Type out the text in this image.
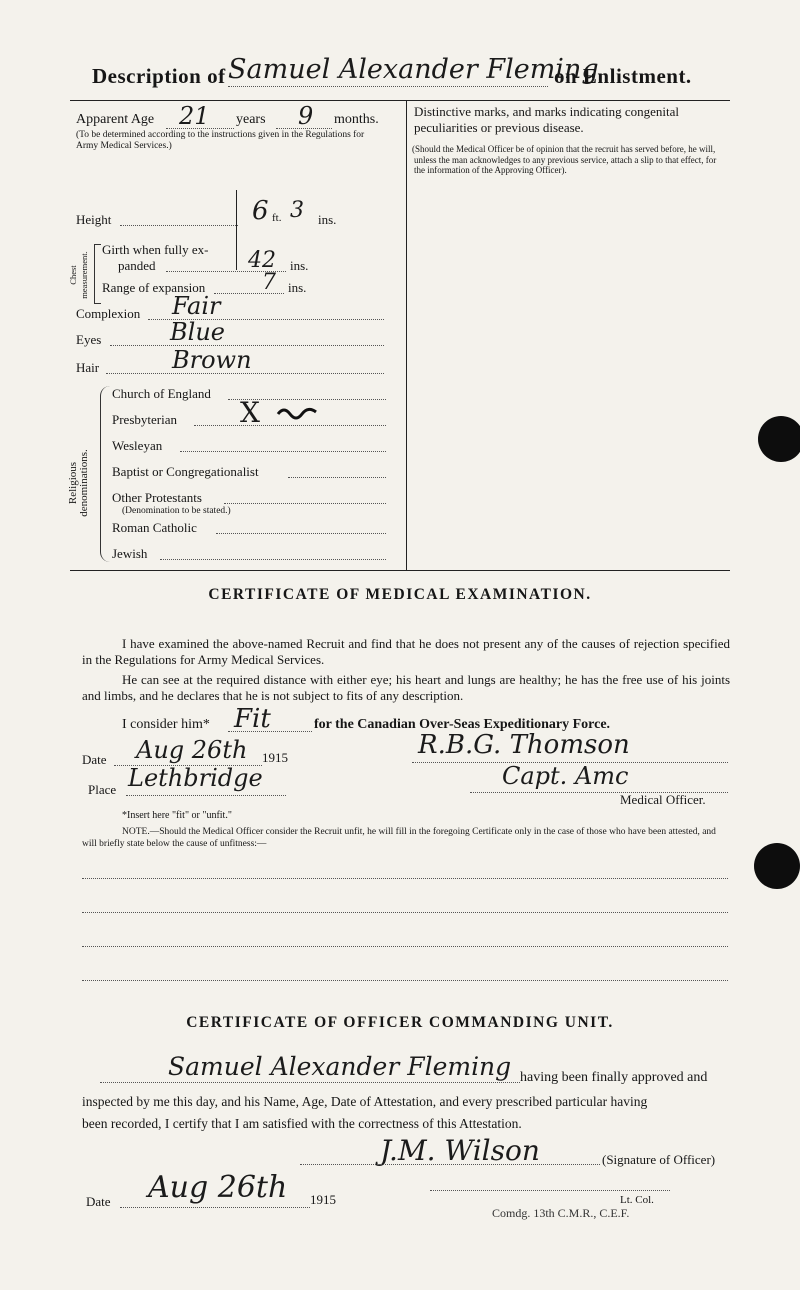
Description of Samuel Alexander Fleming
on Enlistment.
Apparent Age 21 years 9 months.
(To be determined according to the instructions given in the Regulations for Army Medical Services.)
Height	6 ft. 3 ins.
Chest measurement.
Girth when fully ex-
panded	42 ins.
Range of expansion	7 ins.
Complexion Fair
Eyes	Blue
Hair	Brown
Religious denominations.
Church of England
Presbyterian X
Wesleyan
Baptist or Congregationalist
Other Protestants
(Denomination to be stated.)
Roman Catholic
Jewish
Distinctive marks, and marks indicating congenital peculiarities or previous disease.
(Should the Medical Officer be of opinion that the recruit has served before, he will, unless the man acknowledges to any previous service, attach a slip to that effect, for the information of the Approving Officer).
CERTIFICATE OF MEDICAL EXAMINATION.
I have examined the above-named Recruit and find that he does not present any of the causes of rejection specified in the Regulations for Army Medical Services.
He can see at the required distance with either eye; his heart and lungs are healthy; he has the free use of his joints and limbs, and he declares that he is not subject to fits of any description.
I consider him* Fit	for the Canadian Over-Seas Expeditionary Force.
Date Aug 26th 1915	R.B.G. Thomson
Place Lethbridge	Capt. Amc
Medical Officer.
*Insert here "fit" or "unfit."
NOTE.—Should the Medical Officer consider the Recruit unfit, he will fill in the foregoing Certificate only in the case of those who have been attested, and will briefly state below the cause of unfitness:—
CERTIFICATE OF OFFICER COMMANDING UNIT.
Samuel Alexander Fleming having been finally approved and
inspected by me this day, and his Name, Age, Date of Attestation, and every prescribed particular having
been recorded, I certify that I am satisfied with the correctness of this Attestation.
J.M. Wilson	(Signature of Officer)
Date Aug 26th 1915	Lt. Col.
Comdg. 13th C.M.R., C.E.F.
